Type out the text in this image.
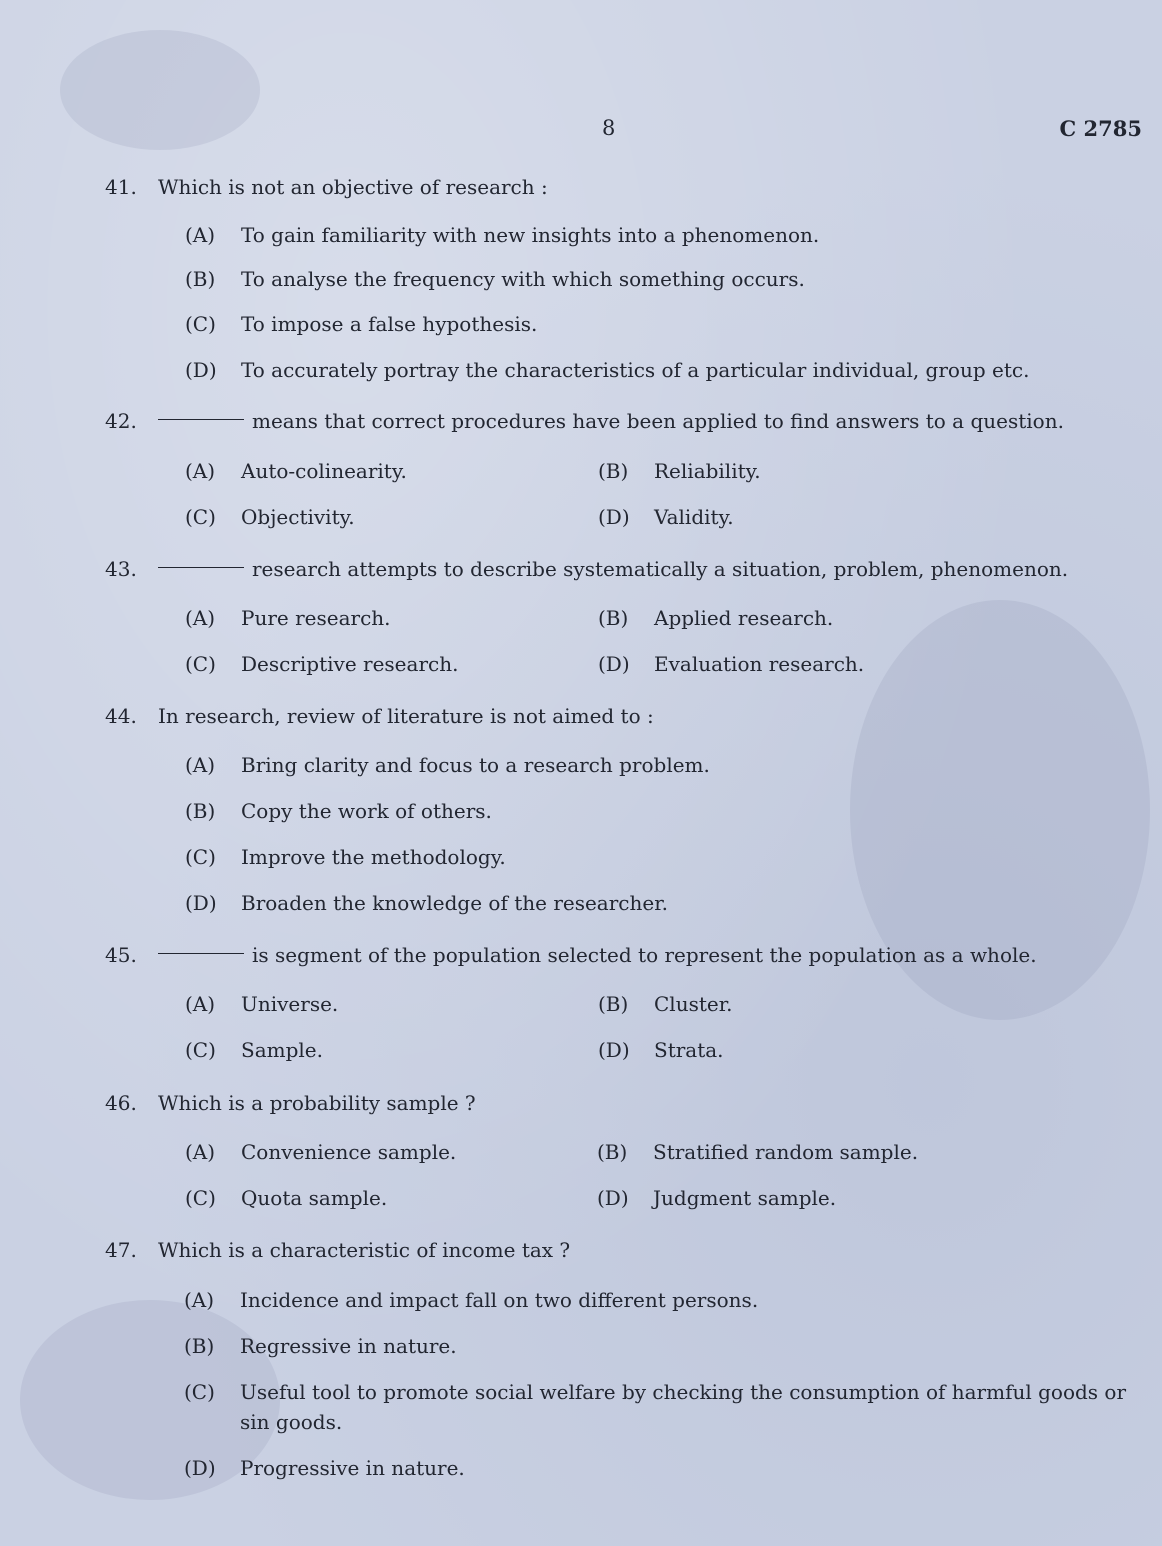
8	C 2785
41. Which is not an objective of research :
(A) To gain familiarity with new insights into a phenomenon.
(B) To analyse the frequency with which something occurs.
(C) To impose a false hypothesis.
(D) To accurately portray the characteristics of a particular individual, group etc.
42.	means that correct procedures have been applied to find answers to a question.
(A) Auto-colinearity.	(B) Reliability.
(C) Objectivity.	(D) Validity.
43.	research attempts to describe systematically a situation, problem, phenomenon.
(A) Pure research.	(B) Applied research.
(C) Descriptive research.	(D) Evaluation research.
44. In research, review of literature is not aimed to :
(A) Bring clarity and focus to a research problem.
(B) Copy the work of others.
(C) Improve the methodology.
(D) Broaden the knowledge of the researcher.
45.	is segment of the population selected to represent the population as a whole.
(A) Universe.	(B) Cluster.
(C) Sample.	(D) Strata.
46. Which is a probability sample ?
(A) Convenience sample.	(B) Stratified random sample.
(C) Quota sample.	(D) Judgment sample.
47. Which is a characteristic of income tax ?
(A) Incidence and impact fall on two different persons.
(B) Regressive in nature.
(C) Useful tool to promote social welfare by checking the consumption of harmful goods or sin goods.
(D) Progressive in nature.
